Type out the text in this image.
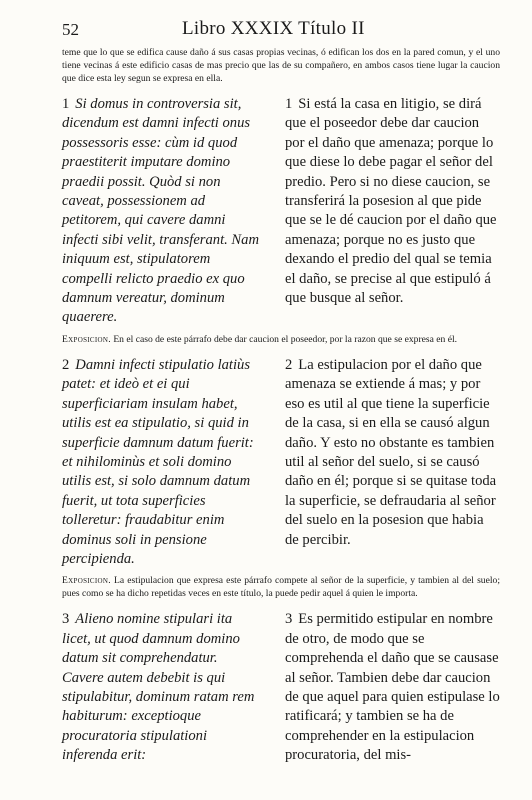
52	Libro XXXIX Título II

teme que lo que se edifica cause daño á sus casas propias vecinas, ó edifican los dos en la pared comun, y el uno tiene vecinas á este edificio casas de mas precio que las de su compañero, en ambos casos tiene lugar la caucion que dice esta ley segun se expresa en ella.

1 Si domus in controversia sit, dicendum est damni infecti onus possessoris esse: cùm id quod praestiterit imputare domino praedii possit. Quòd si non caveat, possessionem ad petitorem, qui cavere damni infecti sibi velit, transferant. Nam iniquum est, stipulatorem compelli relicto praedio ex quo damnum vereatur, dominum quaerere.

1 Si está la casa en litigio, se dirá que el poseedor debe dar caucion por el daño que amenaza; porque lo que diese lo debe pagar el señor del predio. Pero si no diese caucion, se transferirá la posesion al que pide que se le dé caucion por el daño que amenaza; porque no es justo que dexando el predio del qual se temia el daño, se precise al que estipuló á que busque al señor.

Exposicion. En el caso de este párrafo debe dar caucion el poseedor, por la razon que se expresa en él.

2 Damni infecti stipulatio latiùs patet: et ideò et ei qui superficiariam insulam habet, utilis est ea stipulatio, si quid in superficie damnum datum fuerit: et nihilominùs et soli domino utilis est, si solo damnum datum fuerit, ut tota superficies tolleretur: fraudabitur enim dominus soli in pensione percipienda.

2 La estipulacion por el daño que amenaza se extiende á mas; y por eso es util al que tiene la superficie de la casa, si en ella se causó algun daño. Y esto no obstante es tambien util al señor del suelo, si se causó daño en él; porque si se quitase toda la superficie, se defraudaria al señor del suelo en la posesion que habia de percibir.

Exposicion. La estipulacion que expresa este párrafo compete al señor de la superficie, y tambien al del suelo; pues como se ha dicho repetidas veces en este título, la puede pedir aquel á quien le importa.

3 Alieno nomine stipulari ita licet, ut quod damnum domino datum sit comprehendatur. Cavere autem debebit is qui stipulabitur, dominum ratam rem habiturum: exceptioque procuratoria stipulationi inferenda erit:

3 Es permitido estipular en nombre de otro, de modo que se comprehenda el daño que se causase al señor. Tambien debe dar caucion de que aquel para quien estipulase lo ratificará; y tambien se ha de comprehender en la estipulacion procuratoria, del mis-
